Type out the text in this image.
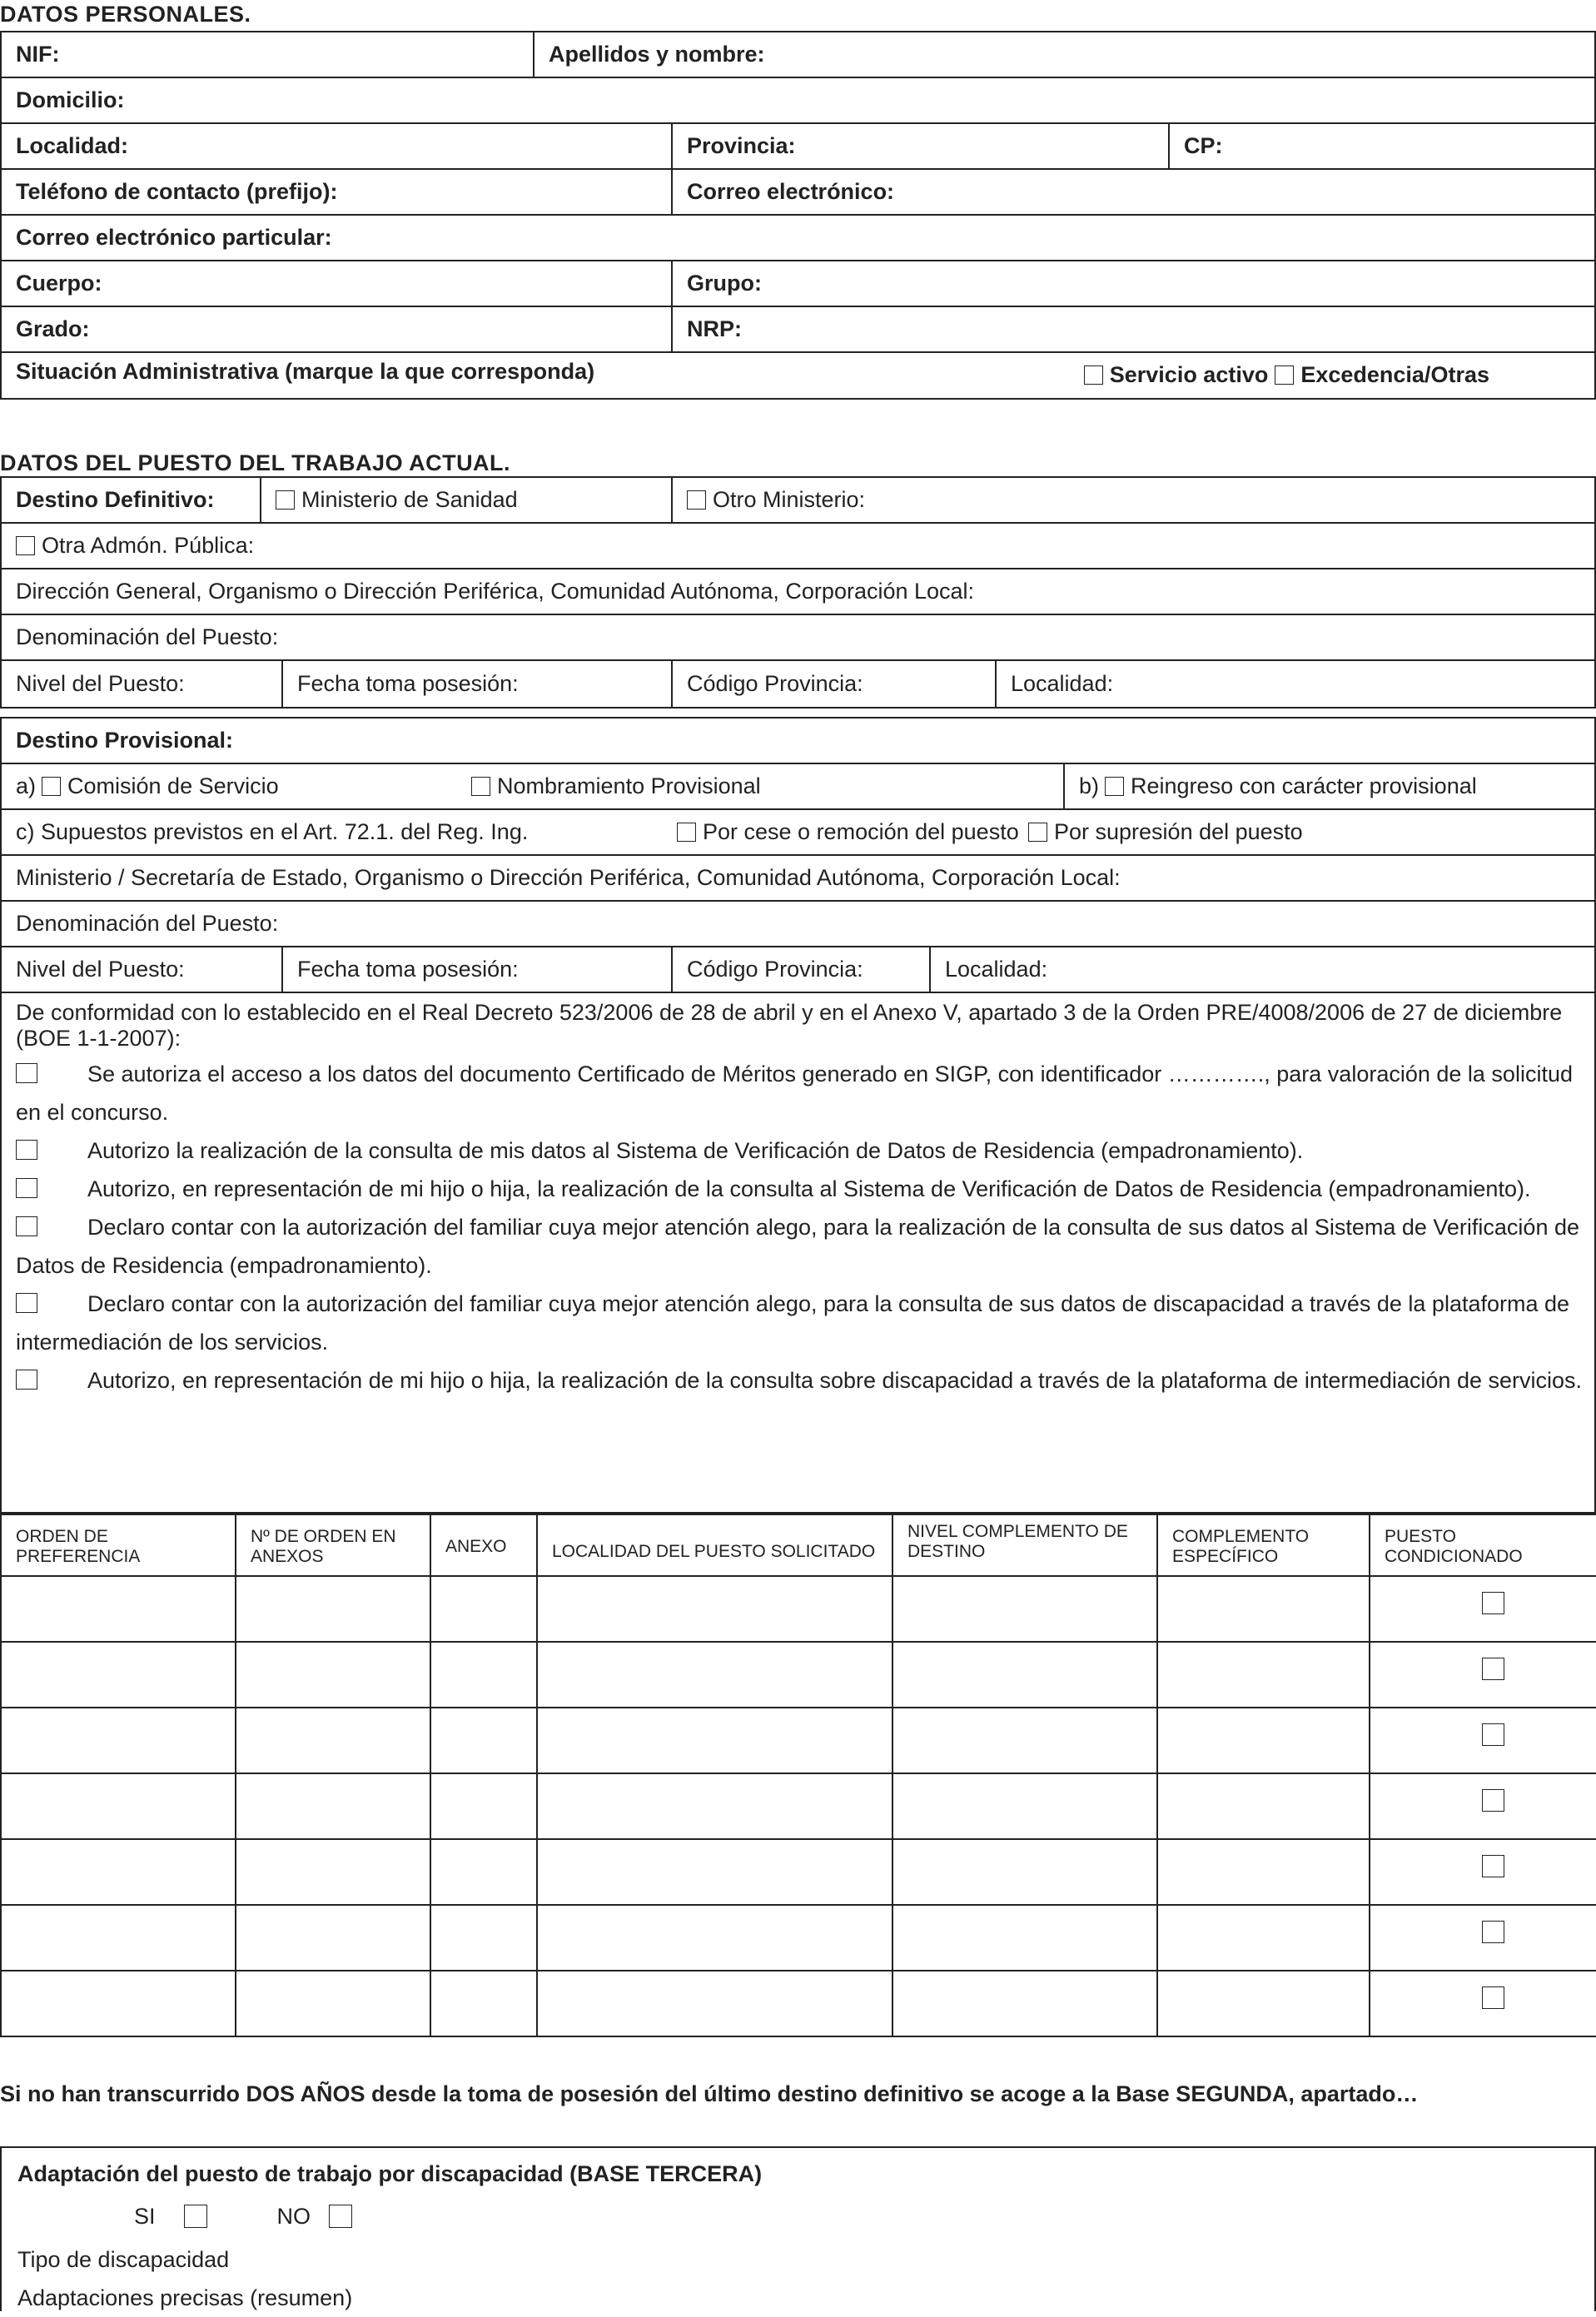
DATOS PERSONALES.
NIF:	Apellidos y nombre:
Domicilio:
Localidad:	Provincia:	CP:
Teléfono de contacto (prefijo):	Correo electrónico:
Correo electrónico particular:
Cuerpo:	Grupo:
Grado:	NRP:
Situación Administrativa (marque la que corresponda)	Servicio activo Excedencia/Otras
DATOS DEL PUESTO DEL TRABAJO ACTUAL.
Destino Definitivo:	Ministerio de Sanidad	Otro Ministerio:
Otra Admón. Pública:
Dirección General, Organismo o Dirección Periférica, Comunidad Autónoma, Corporación Local:
Denominación del Puesto:
Nivel del Puesto:	Fecha toma posesión:	Código Provincia:	Localidad:
Destino Provisional:
a) Comisión de Servicio	Nombramiento Provisional	b) Reingreso con carácter provisional
c) Supuestos previstos en el Art. 72.1. del Reg. Ing.	Por cese o remoción del puesto	Por supresión del puesto
Ministerio / Secretaría de Estado, Organismo o Dirección Periférica, Comunidad Autónoma, Corporación Local:
Denominación del Puesto:
Nivel del Puesto:	Fecha toma posesión:	Código Provincia:	Localidad:

De conformidad con lo establecido en el Real Decreto 523/2006 de 28 de abril y en el Anexo V, apartado 3 de la Orden PRE/4008/2006 de 27 de diciembre (BOE 1-1-2007):

Se autoriza el acceso a los datos del documento Certificado de Méritos generado en SIGP, con identificador …………., para valoración de la solicitud en el concurso.

Autorizo la realización de la consulta de mis datos al Sistema de Verificación de Datos de Residencia (empadronamiento).

Autorizo, en representación de mi hijo o hija, la realización de la consulta al Sistema de Verificación de Datos de Residencia (empadronamiento).

Declaro contar con la autorización del familiar cuya mejor atención alego, para la realización de la consulta de sus datos al Sistema de Verificación de Datos de Residencia (empadronamiento).

Declaro contar con la autorización del familiar cuya mejor atención alego, para la consulta de sus datos de discapacidad a través de la plataforma de intermediación de los servicios.

Autorizo, en representación de mi hijo o hija, la realización de la consulta sobre discapacidad a través de la plataforma de intermediación de servicios.

ORDEN DE PREFERENCIA	Nº DE ORDEN EN ANEXOS	ANEXO	LOCALIDAD DEL PUESTO SOLICITADO	NIVEL COMPLEMENTO DE DESTINO	COMPLEMENTO ESPECÍFICO	PUESTO CONDICIONADO

Si no han transcurrido DOS AÑOS desde la toma de posesión del último destino definitivo se acoge a la Base SEGUNDA, apartado…
Adaptación del puesto de trabajo por discapacidad (BASE TERCERA)
SI	NO
Tipo de discapacidad
Adaptaciones precisas (resumen)
